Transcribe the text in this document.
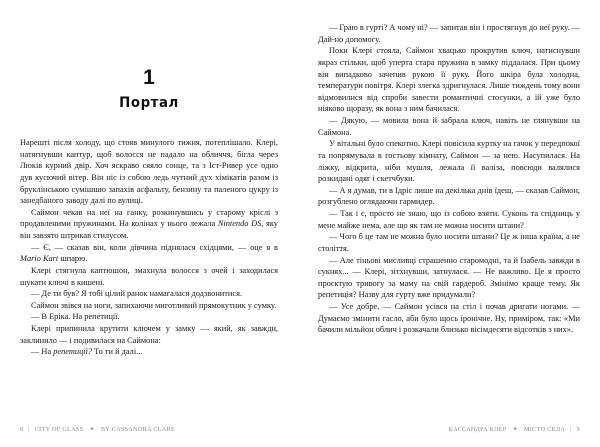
1
Портал

Нарешті після холоду, що стояв минулого тижня, потеплішало. Клері, натягнувши каптур, щоб волосся не падало на обличчя, бігла через Люків курний двір. Хоч яскраво сяяло сонце, та з Іст-Ривер усе одно дув кусючий вітер. Він ніс із собою ледь чутний дух хімікатів разом із бруклінською сумішшю запахів асфальту, бензину та паленого цукру із занедбаного заводу далі по вулиці.

Саймон чекав на неї на ганку, розкинувшись у старому кріслі з продавленими пружинами. На колінах у нього лежала Nintendo DS, яку він завзято штрикав стилусом.

— Є, — сказав він, коли дівчина піднялася східцями, — оце я в Mario Kart шпарю.

Клері стягнула каптюшон, змахнула волосся з очей і заходилася шукати ключі в кишені.

— Де ти був? Я тобі цілий ранок намагалася додзвонитися.

Саймон звівся на ноги, запихаючи миготливий прямокутник у сумку.

— В Еріка. На репетиції.

Клері припинила крутити ключем у замку — який, як завжди, заклинило — і подивилася на Саймона:

— На репетиції? То ти й далі...

8 | CITY OF GLASS ✦ BY CASSANDRA CLARE

— Граю в гурті? А чому ні? — запитав він і простягнув до неї руку. — Дай-но допомогу.

Поки Клері стояла, Саймон хвацько прокрутив ключ, натиснувши якраз стільки, щоб уперта стара пружина в замку піддалася. При цьому він випадково зачепив рукою її руку. Його шкіра була холодна, температури повітря. Клері злегка здригнулася. Лише тиждень тому вони відмовилися від спроби завести романтичні стосунки, а їй уже було ніяково щоразу, як вона з ним бачилася.

— Дякую, — мовила вона й забрала ключ, навіть не глянувши на Саймона.

У вітальні було спекотно. Клері повісила куртку на гачок у передпокої та попрямувала в гостьову кімнату, Саймон — за нею. Насупилася. На ліжку, відкрита, ніби мушля, лежала її валіза, повсюди валялися розкидані одяг і скетчбуки.

— А я думав, ти в Ідріс лише на декілька днів їдеш, — сказав Саймон, розгублено оглядаючи гармидер.

— Так і є, просто не знаю, що із собою взяти. Суконь та спідниць у мене майже нема, але що як там не можна носити штани?

— Чого б це там не можна було носити штани? Це ж інша країна, а не століття.

— Але тіньові мисливці страшенно старомодні, та й Ізабель завжди в сукнях... — Клері, зітхнувши, затнулася. — Не важливо. Це я просто проєктую тривогу за маму на свій гардероб. Змінімо краще тему. Як репетиція? Назву для гурту вже придумали?

— Усе добре, — Саймон усівся на стіл і почав дригати ногами. — Думаємо змінити гасло, аби було щось іронічне. Ну, приміром, так: «Ми бачили мільйон облич і розкачали близько вісімдесяти відсотків з них».

КАССАНДРА КЛЕР ✦ МІСТО СКЛА | 9
